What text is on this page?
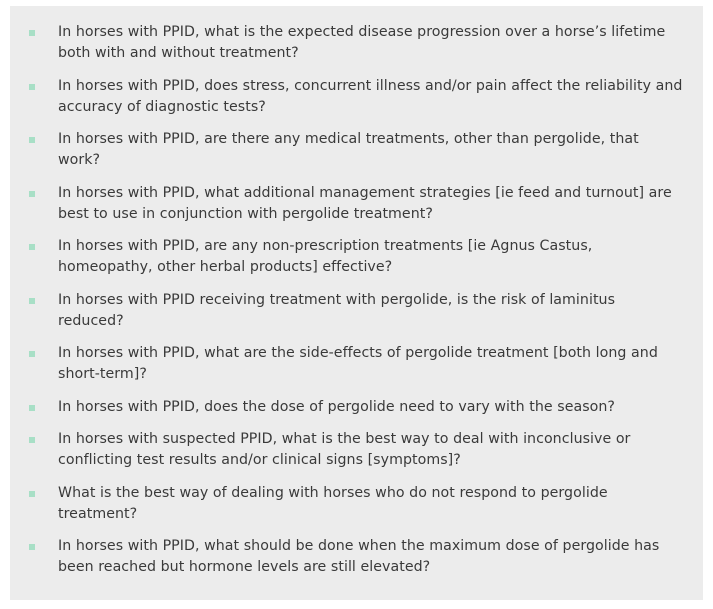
In horses with PPID, what is the expected disease progression over a horse’s lifetime both with and without treatment?
In horses with PPID, does stress, concurrent illness and/or pain affect the reliability and accuracy of diagnostic tests?
In horses with PPID, are there any medical treatments, other than pergolide, that work?
In horses with PPID, what additional management strategies [ie feed and turnout] are best to use in conjunction with pergolide treatment?
In horses with PPID, are any non-prescription treatments [ie Agnus Castus, homeopathy, other herbal products] effective?
In horses with PPID receiving treatment with pergolide, is the risk of laminitus reduced?
In horses with PPID, what are the side-effects of pergolide treatment [both long and short-term]?
In horses with PPID, does the dose of pergolide need to vary with the season?
In horses with suspected PPID, what is the best way to deal with inconclusive or conflicting test results and/or clinical signs [symptoms]?
What is the best way of dealing with horses who do not respond to pergolide treatment?
In horses with PPID, what should be done when the maximum dose of pergolide has been reached but hormone levels are still elevated?
